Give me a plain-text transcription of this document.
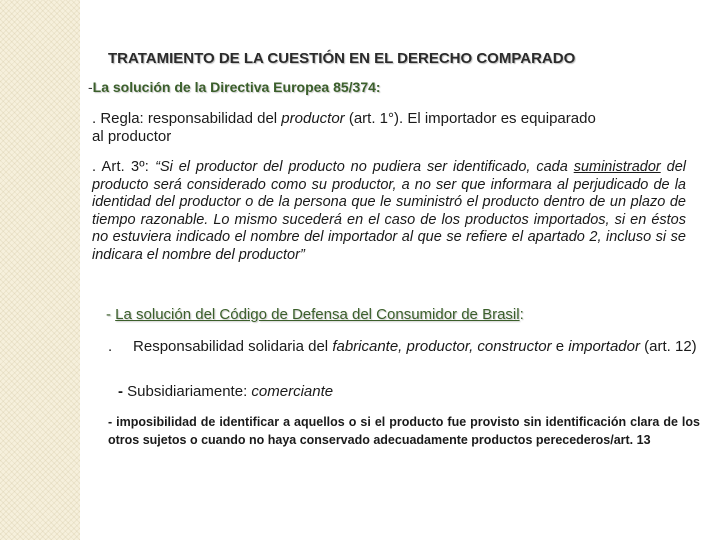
TRATAMIENTO DE LA CUESTIÓN EN EL DERECHO COMPARADO
-La solución de la Directiva Europea 85/374:
. Regla: responsabilidad del productor (art. 1°). El importador es equiparado
al productor
. Art. 3º: “Si el productor del producto no pudiera ser identificado, cada suministrador del producto será considerado como su productor, a no ser que informara al perjudicado de la identidad del productor o de la persona que le suministró el producto dentro de un plazo de tiempo razonable. Lo mismo sucederá en el caso de los productos importados, si en éstos no estuviera indicado el nombre del importador al que se refiere el apartado 2, incluso si se indicara el nombre del productor”
- La solución del Código de Defensa del Consumidor de Brasil:
.     Responsabilidad solidaria del fabricante, productor, constructor e importador (art. 12)
- Subsidiariamente: comerciante
- imposibilidad de identificar a aquellos o si el producto fue provisto sin identificación clara de los otros sujetos o cuando no haya conservado adecuadamente productos perecederos/art. 13
